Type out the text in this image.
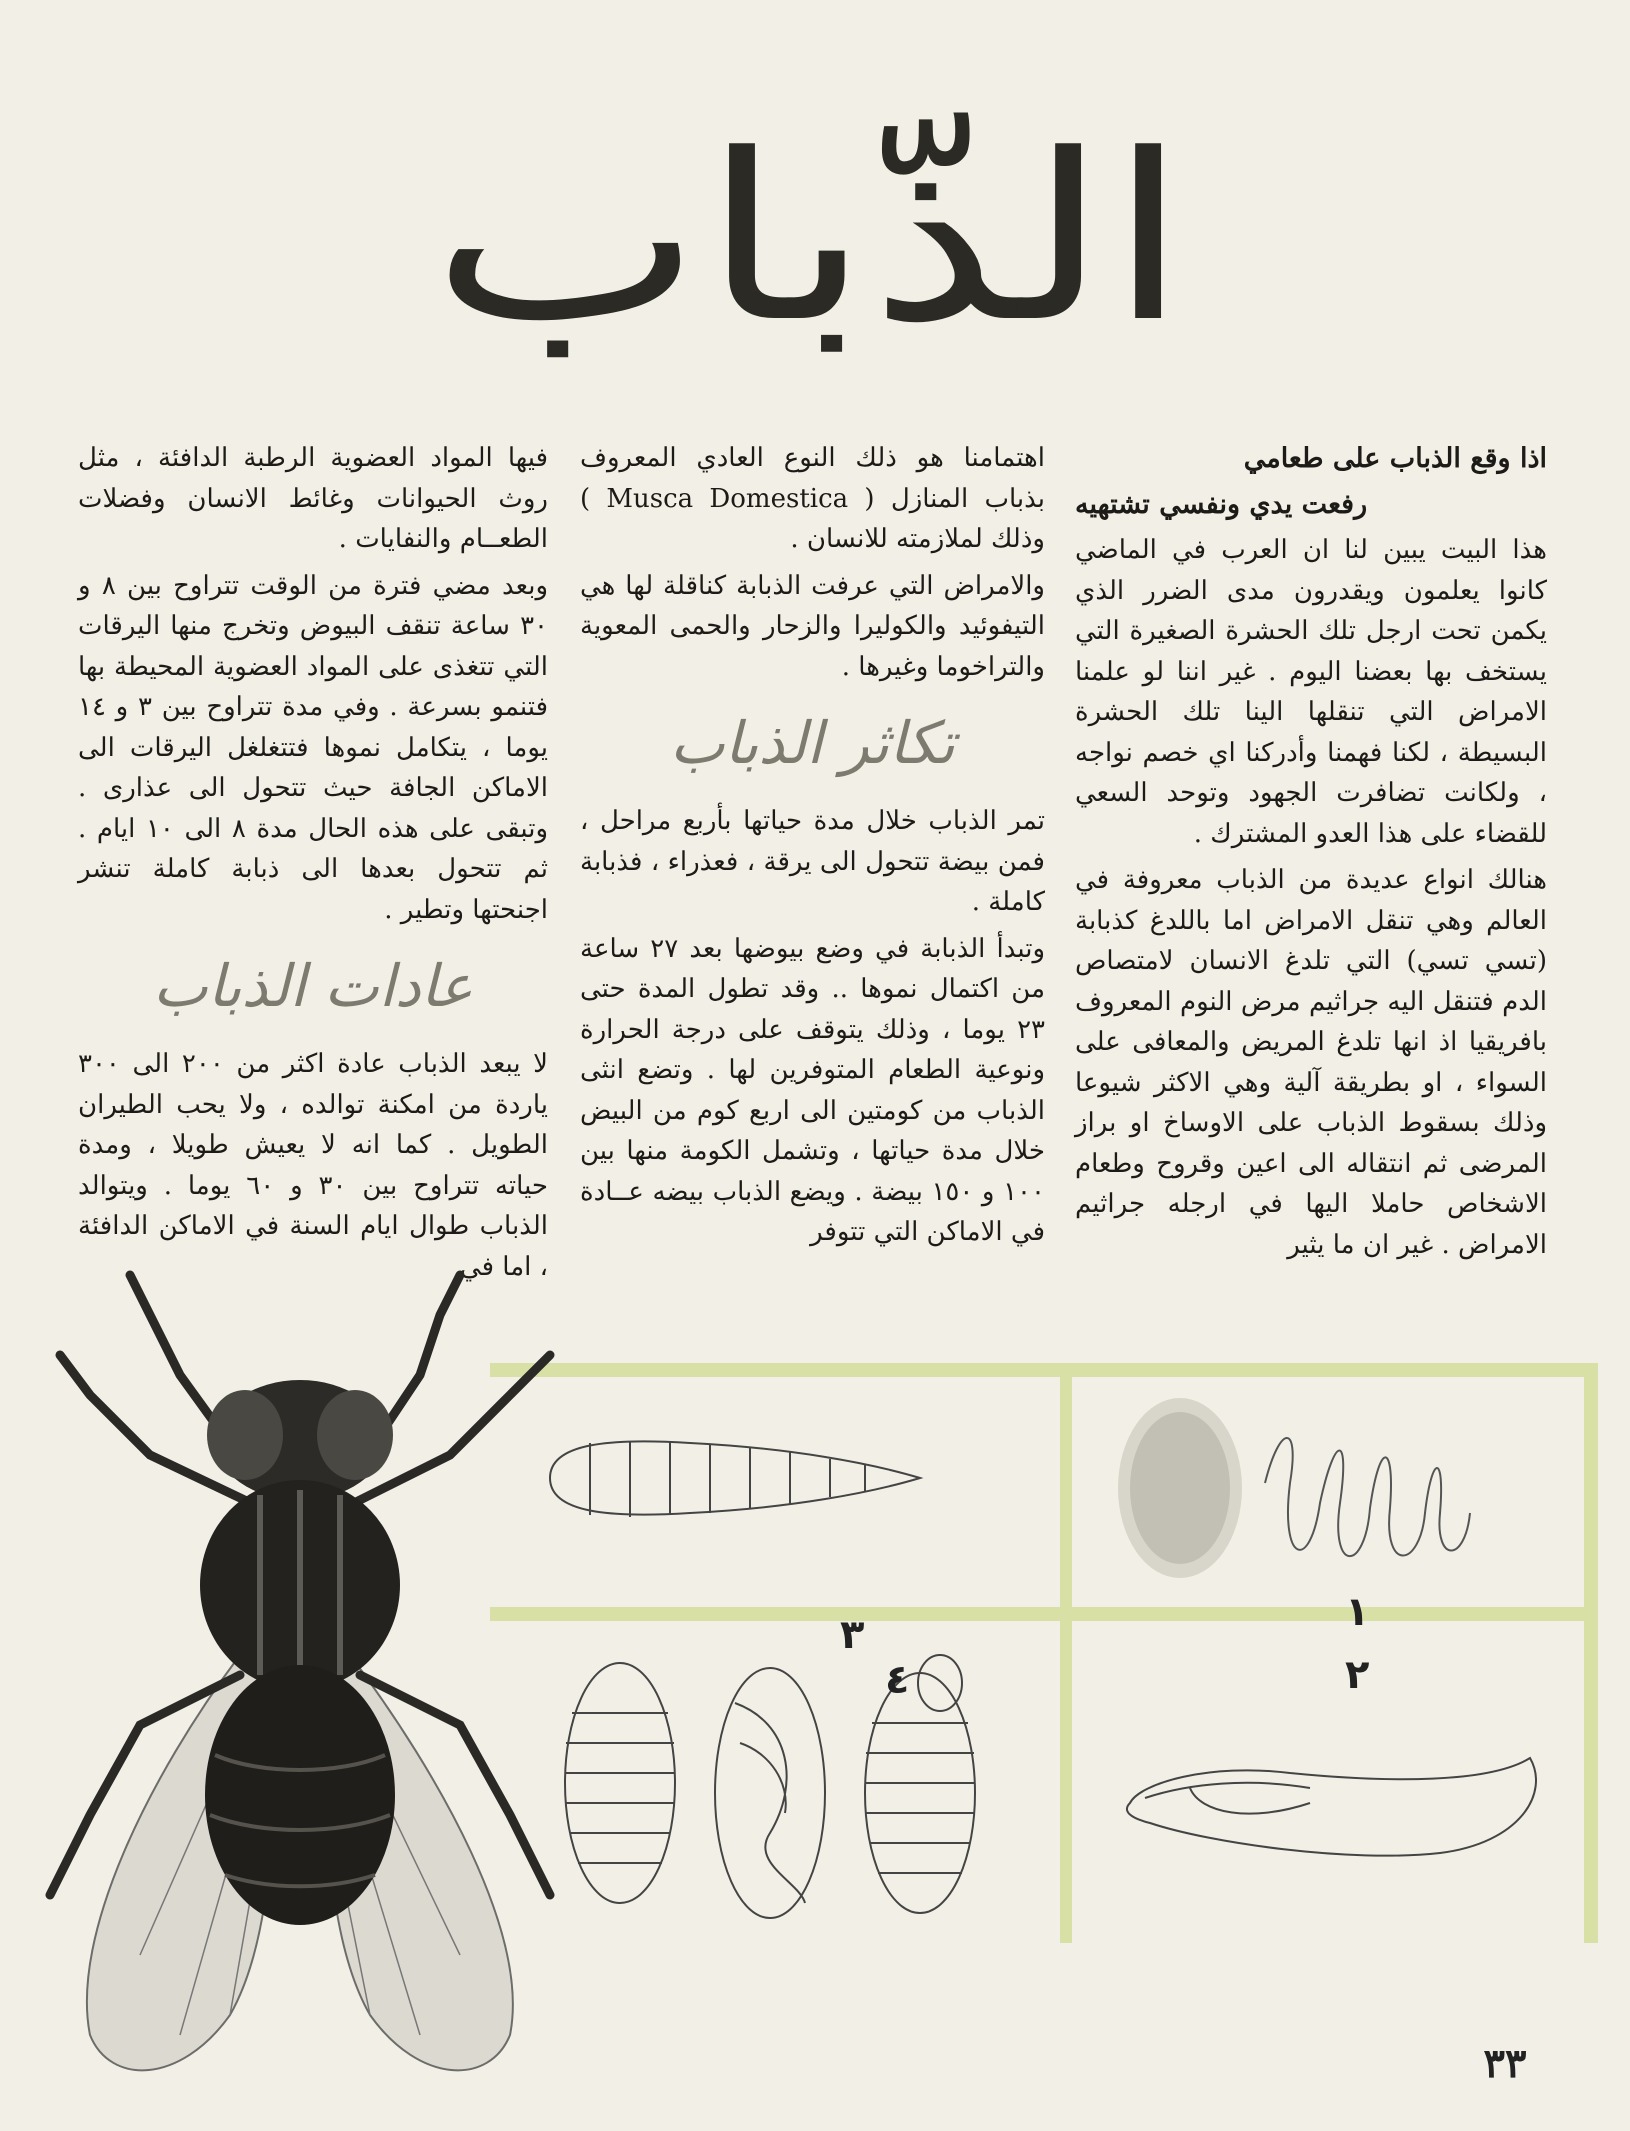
الذّباب

اذا وقع الذباب على طعامي

رفعت يدي ونفسي تشتهيه

هذا البيت يبين لنا ان العرب في الماضي كانوا يعلمون ويقدرون مدى الضرر الذي يكمن تحت ارجل تلك الحشرة الصغيرة التي يستخف بها بعضنا اليوم . غير اننا لو علمنا الامراض التي تنقلها الينا تلك الحشرة البسيطة ، لكنا فهمنا وأدركنا اي خصم نواجه ، ولكانت تضافرت الجهود وتوحد السعي للقضاء على هذا العدو المشترك .

هنالك انواع عديدة من الذباب معروفة في العالم وهي تنقل الامراض اما باللدغ كذبابة (تسي تسي) التي تلدغ الانسان لامتصاص الدم فتنقل اليه جراثيم مرض النوم المعروف بافريقيا اذ انها تلدغ المريض والمعافى على السواء ، او بطريقة آلية وهي الاكثر شيوعا وذلك بسقوط الذباب على الاوساخ او براز المرضى ثم انتقاله الى اعين وقروح وطعام الاشخاص حاملا اليها في ارجله جراثيم الامراض . غير ان ما يثير

اهتمامنا هو ذلك النوع العادي المعروف بذباب المنازل ( Musca Domestica ) وذلك لملازمته للانسان .

والامراض التي عرفت الذبابة كناقلة لها هي التيفوئيد والكوليرا والزحار والحمى المعوية والتراخوما وغيرها .

تكاثر الذباب

تمر الذباب خلال مدة حياتها بأربع مراحل ، فمن بيضة تتحول الى يرقة ، فعذراء ، فذبابة كاملة .

وتبدأ الذبابة في وضع بيوضها بعد ٢٧ ساعة من اكتمال نموها .. وقد تطول المدة حتى ٢٣ يوما ، وذلك يتوقف على درجة الحرارة ونوعية الطعام المتوفرين لها . وتضع انثى الذباب من كومتين الى اربع كوم من البيض خلال مدة حياتها ، وتشمل الكومة منها بين ١٠٠ و ١٥٠ بيضة . ويضع الذباب بيضه عــادة في الاماكن التي تتوفر

فيها المواد العضوية الرطبة الدافئة ، مثل روث الحيوانات وغائط الانسان وفضلات الطعــام والنفايات .

وبعد مضي فترة من الوقت تتراوح بين ٨ و ٣٠ ساعة تنقف البيوض وتخرج منها اليرقات التي تتغذى على المواد العضوية المحيطة بها فتنمو بسرعة . وفي مدة تتراوح بين ٣ و ١٤ يوما ، يتكامل نموها فتتغلغل اليرقات الى الاماكن الجافة حيث تتحول الى عذارى . وتبقى على هذه الحال مدة ٨ الى ١٠ ايام . ثم تتحول بعدها الى ذبابة كاملة تنشر اجنحتها وتطير .

عادات الذباب

لا يبعد الذباب عادة اكثر من ٢٠٠ الى ٣٠٠ ياردة من امكنة توالده ، ولا يحب الطيران الطويل . كما انه لا يعيش طويلا ، ومدة حياته تتراوح بين ٣٠ و ٦٠ يوما . ويتوالد الذباب طوال ايام السنة في الاماكن الدافئة ، اما في

١
٣
٢
٤
٣٣
